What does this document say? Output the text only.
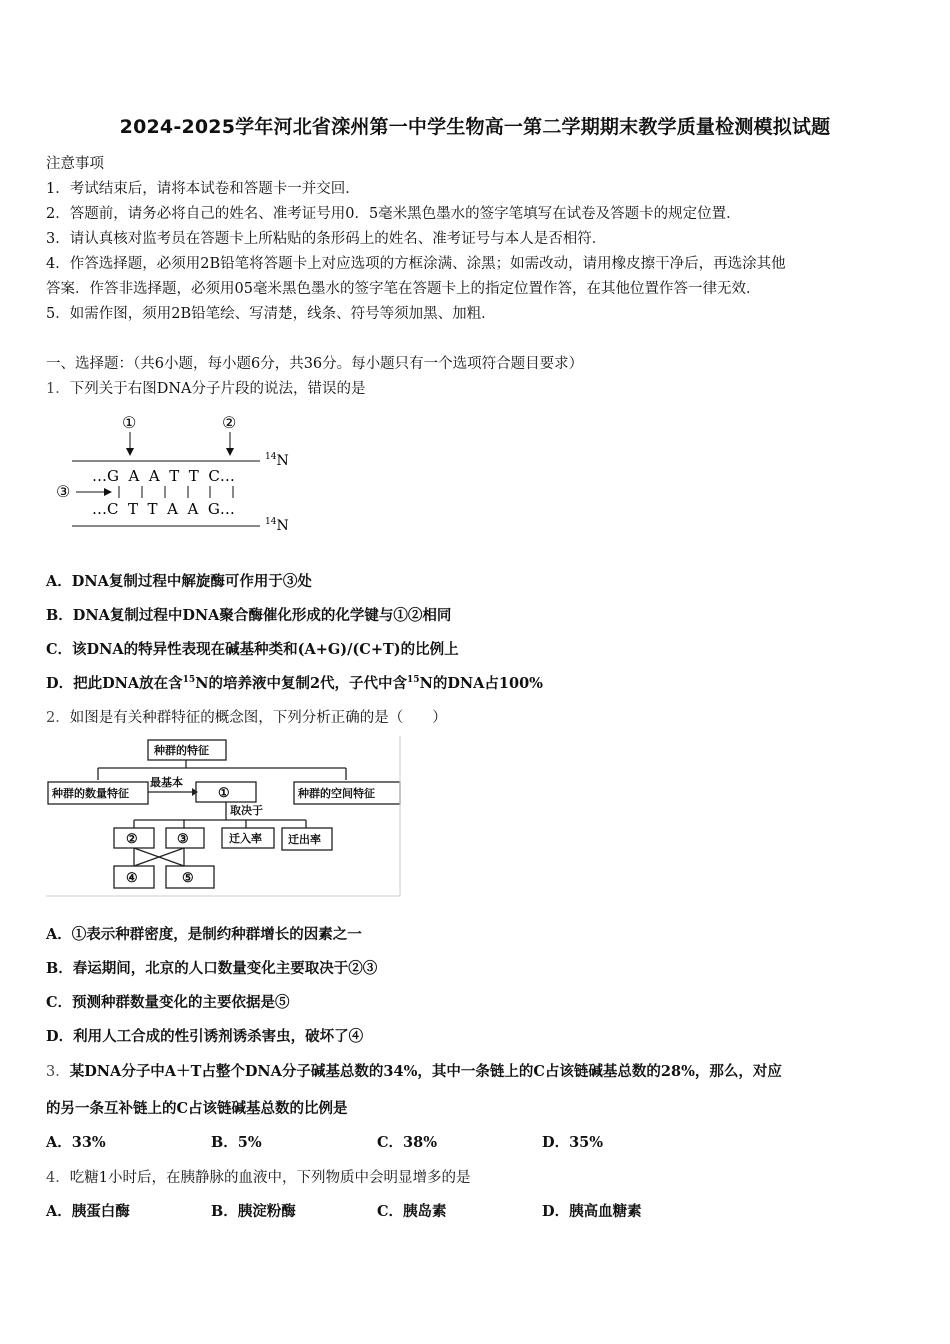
2024-2025学年河北省滦州第一中学生物高一第二学期期末教学质量检测模拟试题
注意事项
1．考试结束后，请将本试卷和答题卡一并交回．
2．答题前，请务必将自己的姓名、准考证号用0．5毫米黑色墨水的签字笔填写在试卷及答题卡的规定位置．
3．请认真核对监考员在答题卡上所粘贴的条形码上的姓名、准考证号与本人是否相符．
4．作答选择题，必须用2B铅笔将答题卡上对应选项的方框涂满、涂黑；如需改动，请用橡皮擦干净后，再选涂其他
答案．作答非选择题，必须用05毫米黑色墨水的签字笔在答题卡上的指定位置作答，在其他位置作答一律无效．
5．如需作图，须用2B铅笔绘、写清楚，线条、符号等须加黑、加粗．
一、选择题：（共6小题，每小题6分，共36分。每小题只有一个选项符合题目要求）
1．下列关于右图DNA分子片段的说法，错误的是
①	②
$^{14}$N
…G  A  A  T  T  C…
③
…C  T  T  A  A  G…
$^{14}$N
A．DNA复制过程中解旋酶可作用于③处
B．DNA复制过程中DNA聚合酶催化形成的化学键与①②相同
C．该DNA的特异性表现在碱基种类和(A+G)/(C+T)的比例上
D．把此DNA放在含$^{15}$N的培养液中复制2代，子代中含$^{15}$N的DNA占100%
2．如图是有关种群特征的概念图，下列分析正确的是（　　）
种群的特征
种群的数量特征	种群的空间特征
最基本
①
取决于
②	③	迁入率 迁出率
④	⑤
A．①表示种群密度，是制约种群增长的因素之一
B．春运期间，北京的人口数量变化主要取决于②③
C．预测种群数量变化的主要依据是⑤
D．利用人工合成的性引诱剂诱杀害虫，破坏了④
3．某DNA分子中A＋T占整个DNA分子碱基总数的34%，其中一条链上的C占该链碱基总数的28%，那么，对应
的另一条互补链上的C占该链碱基总数的比例是
A．33%	B．5%	C．38%	D．35%
4．吃糖1小时后，在胰静脉的血液中，下列物质中会明显增多的是
A．胰蛋白酶	B．胰淀粉酶	C．胰岛素	D．胰高血糖素
